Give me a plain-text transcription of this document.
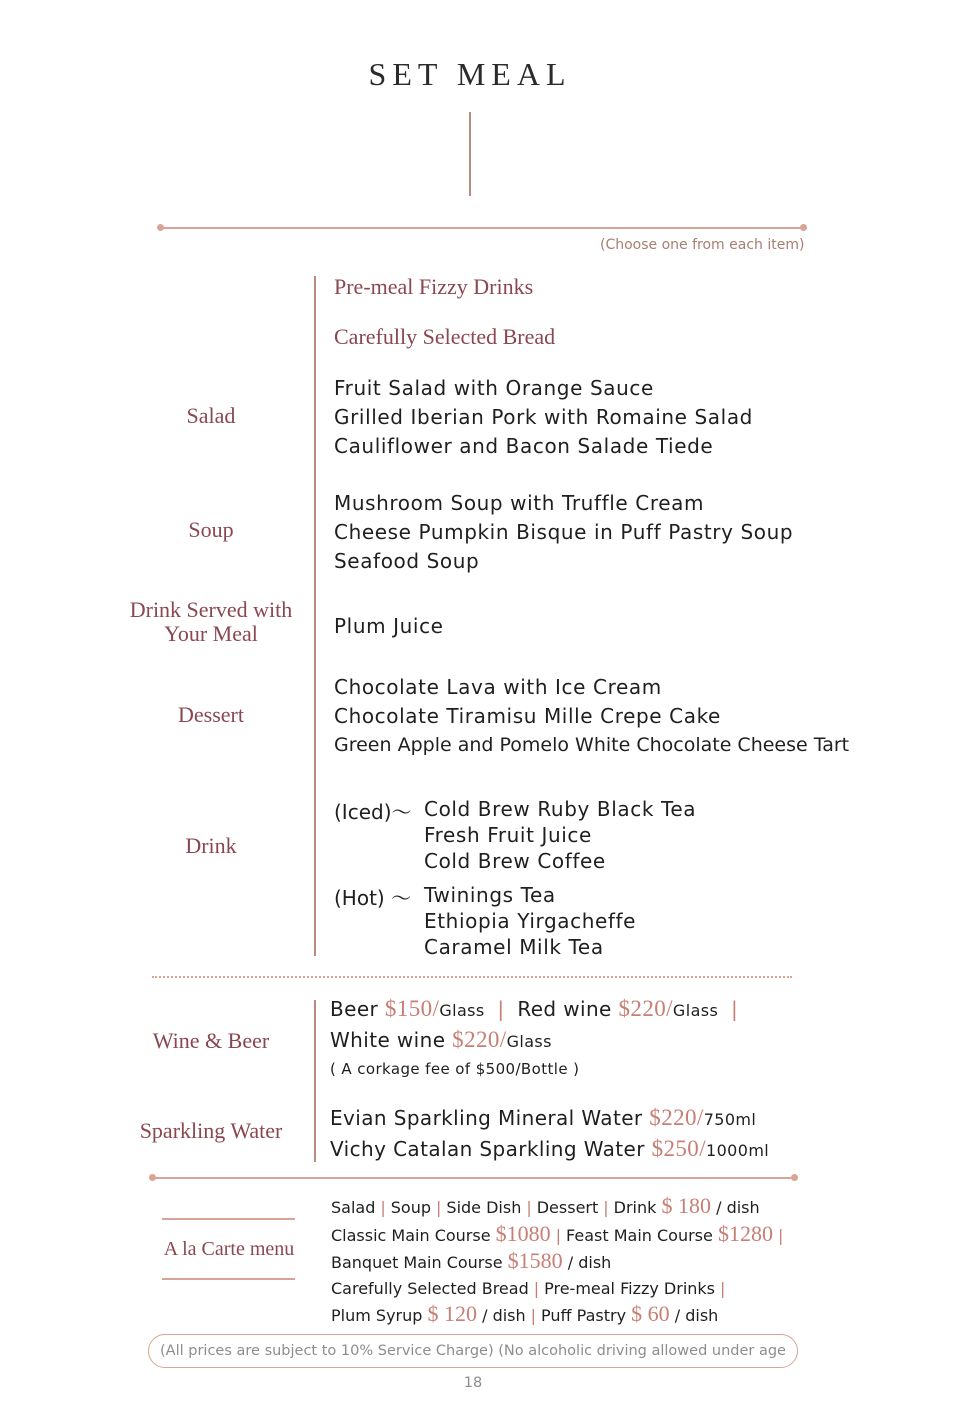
SET MEAL
(Choose one from each item)
Pre-meal Fizzy Drinks
Carefully Selected Bread
Salad
Fruit Salad with Orange Sauce
Grilled Iberian Pork with Romaine Salad
Cauliflower and Bacon Salade Tiede
Soup
Mushroom Soup with Truffle Cream
Cheese Pumpkin Bisque in Puff Pastry Soup
Seafood Soup
Drink Served with
Your Meal	Plum Juice
Dessert
Chocolate Lava with Ice Cream
Chocolate Tiramisu Mille Crepe Cake
Green Apple and Pomelo White Chocolate Cheese Tart
Drink
(Iced)～ Cold Brew Ruby Black Tea
Fresh Fruit Juice
Cold Brew Coffee
(Hot) ～ Twinings Tea
Ethiopia Yirgacheffe
Caramel Milk Tea
Wine & Beer
Beer $150/Glass | Red wine $220/Glass |
White wine $220/Glass
( A corkage fee of $500/Bottle )
Sparkling Water	Evian Sparkling Mineral Water $220/750ml
Vichy Catalan Sparkling Water $250/1000ml
A la Carte menu
Salad | Soup | Side Dish | Dessert | Drink $ 180 / dish
Classic Main Course $1080 | Feast Main Course $1280 |
Banquet Main Course $1580 / dish
Carefully Selected Bread | Pre-meal Fizzy Drinks |
Plum Syrup $ 120 / dish | Puff Pastry $ 60 / dish
(All prices are subject to 10% Service Charge) (No alcoholic driving allowed under age 18
